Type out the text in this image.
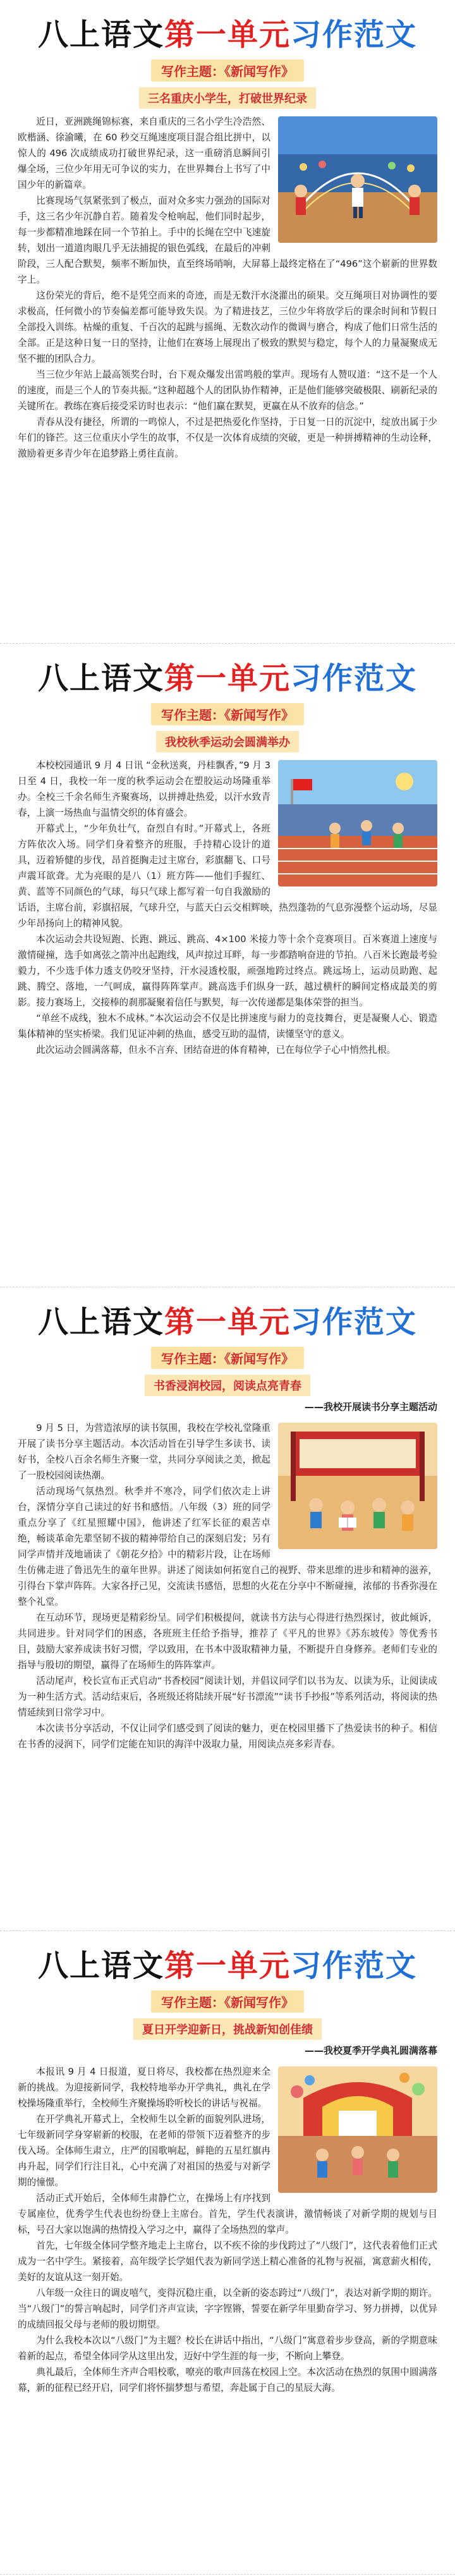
八上语文第一单元习作范文
写作主题：《新闻写作》
三名重庆小学生，打破世界纪录

近日，亚洲跳绳锦标赛，来自重庆的三名小学生冷浩然、欧楷涵、徐渝曦，在 60 秒交互绳速度项目混合组比拼中，以惊人的 496 次成绩成功打破世界纪录，这一重磅消息瞬间引爆全场，三位少年用无可争议的实力，在世界舞台上书写了中国少年的新篇章。

比赛现场气氛紧张到了极点，面对众多实力强劲的国际对手，这三名少年沉静自若。随着发令枪响起，他们同时起步，每一步都精准地踩在同一个节拍上。手中的长绳在空中飞速旋转，划出一道道肉眼几乎无法捕捉的银色弧线，在最后的冲刺阶段，三人配合默契，频率不断加快，直至终场哨响，大屏幕上最终定格在了“496”这个崭新的世界数字上。

这份荣光的背后，绝不是凭空而来的奇迹，而是无数汗水浇灌出的硕果。交互绳项目对协调性的要求极高，任何微小的节奏偏差都可能导致失误。为了精进技艺，三位少年将放学后的课余时间和节假日全部投入训练。枯燥的重复、千百次的起跳与摇绳、无数次动作的微调与磨合，构成了他们日常生活的全部。正是这种日复一日的坚持，让他们在赛场上展现出了极致的默契与稳定，每个人的力量凝聚成无坚不摧的团队合力。

当三位少年站上最高领奖台时，台下观众爆发出雷鸣般的掌声。现场有人赞叹道：“这不是一个人的速度，而是三个人的节奏共振。”这种超越个人的团队协作精神，正是他们能够突破极限、刷新纪录的关键所在。教练在赛后接受采访时也表示：“他们赢在默契，更赢在从不放弃的信念。”

青春从没有捷径，所谓的一鸣惊人，不过是把热爱化作坚持，于日复一日的沉淀中，绽放出属于少年们的锋芒。这三位重庆小学生的故事，不仅是一次体育成绩的突破，更是一种拼搏精神的生动诠释，激励着更多青少年在追梦路上勇往直前。

八上语文第一单元习作范文
写作主题：《新闻写作》
我校秋季运动会圆满举办

本校校园通讯 9 月 4 日讯 “金秋送爽，丹桂飘香，”9 月 3 日至 4 日，我校一年一度的秋季运动会在塑胶运动场隆重举办。全校三千余名师生齐聚赛场，以拼搏赴热爱，以汗水致青春，上演一场热血与温情交织的体育盛会。

开幕式上，“少年负壮气，奋烈自有时。”开幕式上，各班方阵依次入场。同学们身着整齐的班服，手持精心设计的道具，迈着矫健的步伐，昂首挺胸走过主席台，彩旗翻飞、口号声震耳欲聋。尤为亮眼的是八（1）班方阵——他们手握红、黄、蓝等不同颜色的气球，每只气球上都写着一句自我激励的话语，主席台前，彩旗招展，气球升空，与蓝天白云交相辉映，热烈蓬勃的气息弥漫整个运动场，尽显少年昂扬向上的精神风貌。

本次运动会共设短跑、长跑、跳远、跳高、4×100 米接力等十余个竞赛项目。百米赛道上速度与激情碰撞，选手如离弦之箭冲出起跑线，风声掠过耳畔，每一步都踏响奋进的节拍。八百米长跑最考验毅力，不少选手体力透支仍咬牙坚持，汗水浸透校服，顽强地跨过终点。跳远场上，运动员助跑、起跳、腾空、落地，一气呵成，赢得阵阵掌声。跳高选手们纵身一跃，越过横杆的瞬间定格成最美的剪影。接力赛场上，交接棒的刹那凝聚着信任与默契，每一次传递都是集体荣誉的担当。

“单丝不成线，独木不成林。”本次运动会不仅是比拼速度与耐力的竞技舞台，更是凝聚人心、锻造集体精神的坚实桥梁。我们见证冲刺的热血，感受互助的温情，读懂坚守的意义。

此次运动会圆满落幕，但永不言弃、团结奋进的体育精神，已在每位学子心中悄然扎根。

八上语文第一单元习作范文
写作主题：《新闻写作》
书香浸润校园，阅读点亮青春
——我校开展读书分享主题活动

9 月 5 日，为营造浓厚的读书氛围，我校在学校礼堂隆重开展了读书分享主题活动。本次活动旨在引导学生多读书、读好书，全校八百余名师生齐聚一堂，共同分享阅读之美，掀起了一股校园阅读热潮。

活动现场气氛热烈。秋季并不寒冷，同学们依次走上讲台，深情分享自己读过的好书和感悟。八年级（3）班的同学重点分享了《红星照耀中国》，他讲述了红军长征的艰苦卓绝，畅谈革命先辈坚韧不拔的精神带给自己的深刻启发；另有同学声情并茂地诵读了《朝花夕拾》中的精彩片段，让在场师生仿佛走进了鲁迅先生的童年世界。讲述了阅读如何拓宽自己的视野、带来思维的进步和精神的滋养，引得台下掌声阵阵。大家各抒己见，交流读书感悟，思想的火花在分享中不断碰撞，浓郁的书香弥漫在整个礼堂。

在互动环节，现场更是精彩纷呈。同学们积极提问，就读书方法与心得进行热烈探讨，彼此倾诉，共同进步。针对同学们的困惑，各班班主任给予指导，推荐了《平凡的世界》《苏东坡传》等优秀书目，鼓励大家养成读书好习惯，学以致用，在书本中汲取精神力量，不断提升自身修养。老师们专业的指导与殷切的期望，赢得了在场师生的阵阵掌声。

活动尾声，校长宣布正式启动“书香校园”阅读计划，并倡议同学们以书为友、以读为乐，让阅读成为一种生活方式。活动结束后，各班级还将陆续开展“好书漂流”“读书手抄报”等系列活动，将阅读的热情延续到日常学习中。

本次读书分享活动，不仅让同学们感受到了阅读的魅力，更在校园里播下了热爱读书的种子。相信在书香的浸润下，同学们定能在知识的海洋中汲取力量，用阅读点亮多彩青春。

八上语文第一单元习作范文
写作主题：《新闻写作》
夏日开学迎新日，挑战新知创佳绩
——我校夏季开学典礼圆满落幕

本报讯 9 月 4 日报道，夏日将尽，我校都在热烈迎来全新的挑战。为迎接新同学，我校特地举办开学典礼，典礼在学校操场隆重举行，全校师生齐聚操场聆听校长的讲话与祝福。

在开学典礼开幕式上，全校师生以全新的面貌列队进场，七年级新同学身穿崭新的校服，在老师的带领下迈着整齐的步伐入场。全体师生肃立，庄严的国歌响起，鲜艳的五星红旗冉冉升起，同学们行注目礼，心中充满了对祖国的热爱与对新学期的憧憬。

活动正式开始后，全体师生肃静伫立，在操场上有序找到专属座位，优秀学生代表也纷纷登上主席台。首先，学生代表演讲，激情畅谈了对新学期的规划与目标，号召大家以饱满的热情投入学习之中，赢得了全场热烈的掌声。

首先，七年级全体同学整齐地走上主席台，以不疾不徐的步伐跨过了“八级门”，这代表着他们正式成为一名中学生。紧接着，高年级学长学姐代表为新同学送上精心准备的礼物与祝福，寓意薪火相传，美好的友谊从这一刻开始。

八年级一众往日的调皮嘻气，变得沉稳庄重，以全新的姿态跨过“八级门”，表达对新学期的期许。当“八级门”的誓言响起时，同学们齐声宣读，字字铿锵，誓要在新学年里勤奋学习、努力拼搏，以优异的成绩回报父母与老师的殷切期望。

为什么我校本次以“八级门”为主题？校长在讲话中指出，“八级门”寓意着步步登高，新的学期意味着新的起点，希望全体同学从这里出发，迈好中学生涯的每一步，不断向上攀登。

典礼最后，全体师生齐声合唱校歌，嘹亮的歌声回荡在校园上空。本次活动在热烈的氛围中圆满落幕，新的征程已经开启，同学们将怀揣梦想与希望，奔赴属于自己的星辰大海。
